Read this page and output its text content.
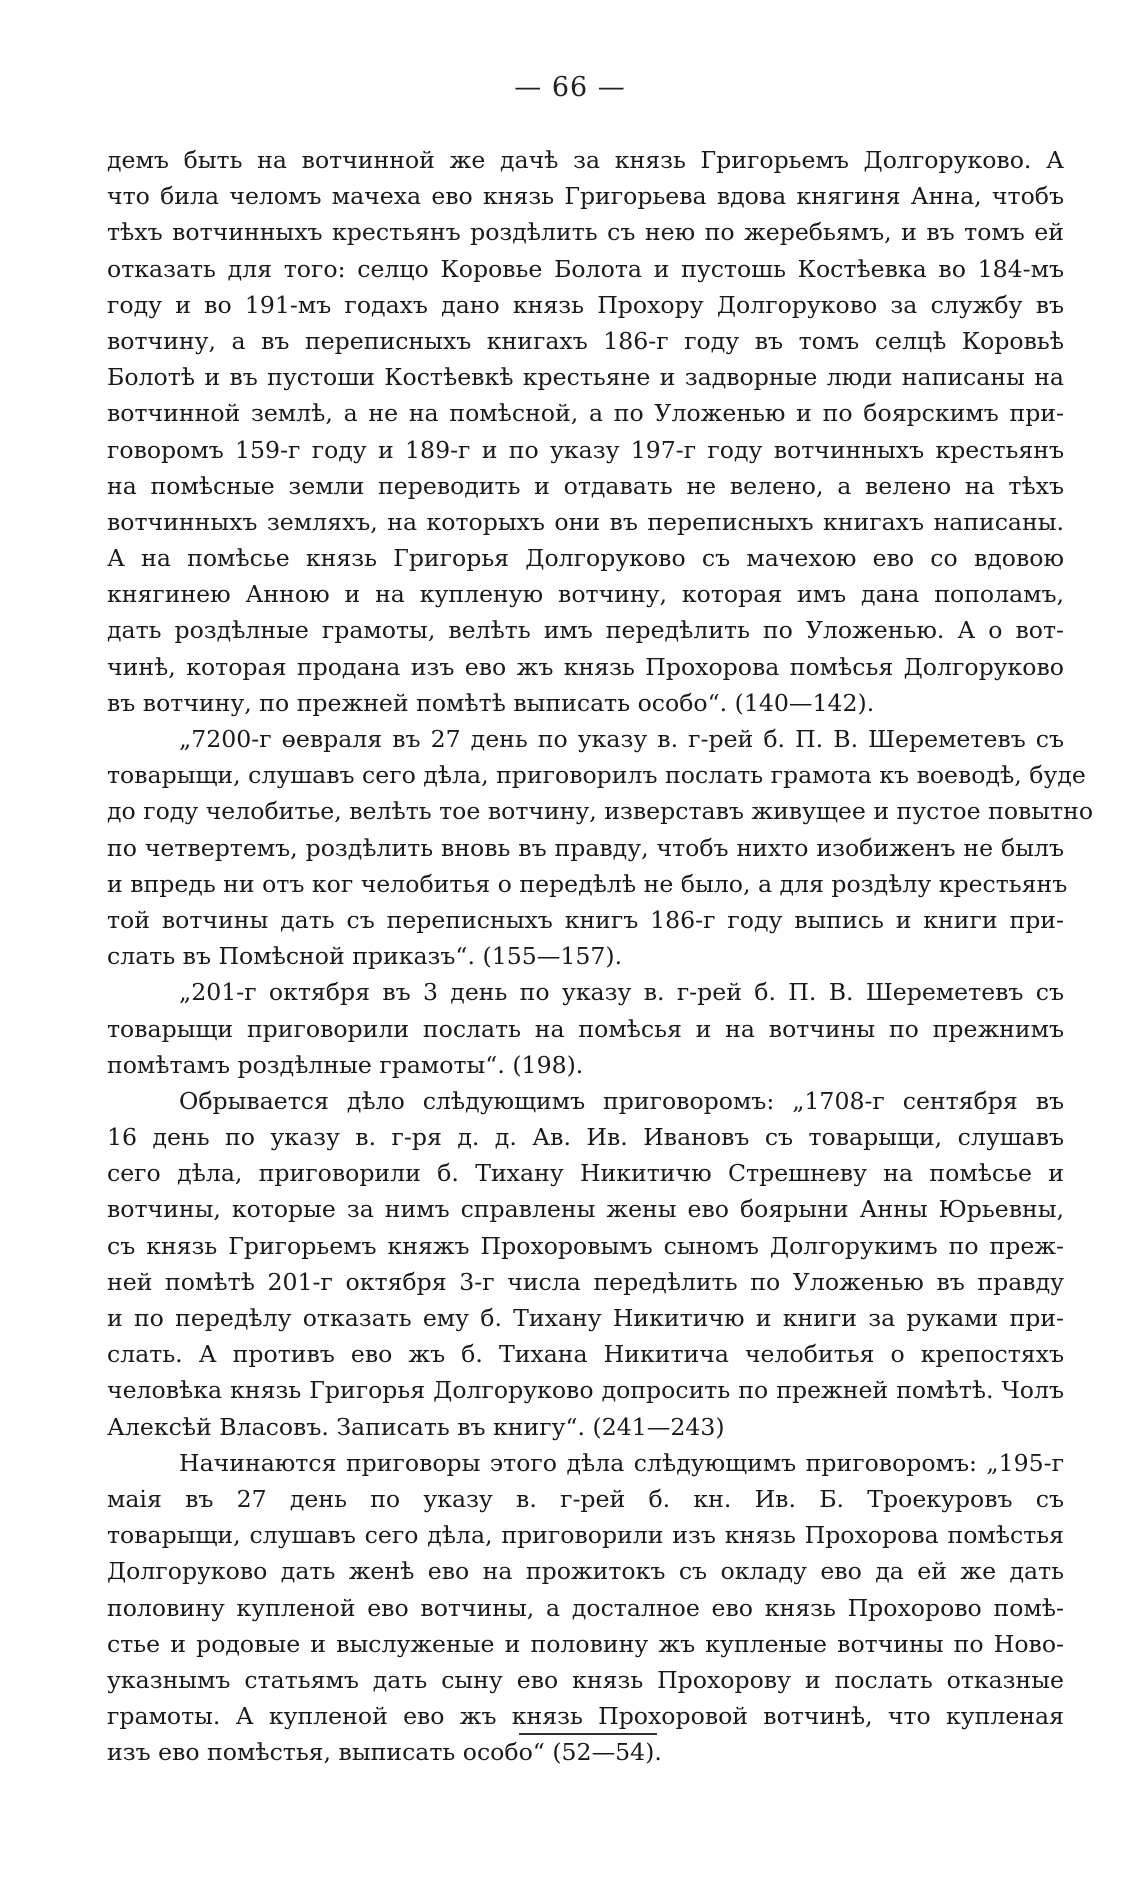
— 66 —
демъ быть на вотчинной же дачѣ за князь Григорьемъ Долгоруково. А
что била челомъ мачеха ево князь Григорьева вдова княгиня Анна, чтобъ
тѣхъ вотчинныхъ крестьянъ роздѣлить съ нею по жеребьямъ, и въ томъ ей
отказать для того: селцо Коровье Болота и пустошь Костѣевка во 184-мъ
году и во 191-мъ годахъ дано князь Прохору Долгоруково за службу въ
вотчину, а въ переписныхъ книгахъ 186-г году въ томъ селцѣ Коровьѣ
Болотѣ и въ пустоши Костѣевкѣ крестьяне и задворные люди написаны на
вотчинной землѣ, а не на помѣсной, а по Уложенью и по боярскимъ при-
говоромъ 159-г году и 189-г и по указу 197-г году вотчинныхъ крестьянъ
на помѣсные земли переводить и отдавать не велено, а велено на тѣхъ
вотчинныхъ земляхъ, на которыхъ они въ переписныхъ книгахъ написаны.
А на помѣсье князь Григорья Долгоруково съ мачехою ево со вдовою
княгинею Анною и на купленую вотчину, которая имъ дана пополамъ,
дать роздѣлные грамоты, велѣть имъ передѣлить по Уложенью. А о вот-
чинѣ, которая продана изъ ево жъ князь Прохорова помѣсья Долгоруково
въ вотчину, по прежней помѣтѣ выписать особо“. (140—142).
„7200-г өевраля въ 27 день по указу в. г-рей б. П. В. Шереметевъ съ
товарыщи, слушавъ сего дѣла, приговорилъ послать грамота къ воеводѣ, буде
до году челобитье, велѣть тое вотчину, изверставъ живущее и пустое повытно
по четвертемъ, роздѣлить вновь въ правду, чтобъ нихто изобиженъ не былъ
и впредь ни отъ ког челобитья о передѣлѣ не было, а для роздѣлу крестьянъ
той вотчины дать съ переписныхъ книгъ 186-г году выпись и книги при-
слать въ Помѣсной приказъ“. (155—157).
„201-г октября въ 3 день по указу в. г-рей б. П. В. Шереметевъ съ
товарыщи приговорили послать на помѣсья и на вотчины по прежнимъ
помѣтамъ роздѣлные грамоты“. (198).
Обрывается дѣло слѣдующимъ приговоромъ: „1708-г сентября въ
16 день по указу в. г-ря д. д. Ав. Ив. Ивановъ съ товарыщи, слушавъ
сего дѣла, приговорили б. Тихану Никитичю Стрешневу на помѣсье и
вотчины, которые за нимъ справлены жены ево боярыни Анны Юрьевны,
съ князь Григорьемъ княжъ Прохоровымъ сыномъ Долгорукимъ по преж-
ней помѣтѣ 201-г октября 3-г числа передѣлить по Уложенью въ правду
и по передѣлу отказать ему б. Тихану Никитичю и книги за руками при-
слать. А противъ ево жъ б. Тихана Никитича челобитья о крепостяхъ
человѣка князь Григорья Долгоруково допросить по прежней помѣтѣ. Чолъ
Алексѣй Власовъ. Записать въ книгу“. (241—243)
Начинаются приговоры этого дѣла слѣдующимъ приговоромъ: „195-г
маія въ 27 день по указу в. г-рей б. кн. Ив. Б. Троекуровъ съ
товарыщи, слушавъ сего дѣла, приговорили изъ князь Прохорова помѣстья
Долгоруково дать женѣ ево на прожитокъ съ окладу ево да ей же дать
половину купленой ево вотчины, а досталное ево князь Прохорово помѣ-
стье и родовые и выслуженые и половину жъ купленые вотчины по Ново-
указнымъ статьямъ дать сыну ево князь Прохорову и послать отказные
грамоты. А купленой ево жъ князь Прохоровой вотчинѣ, что купленая
изъ ево помѣстья, выписать особо“ (52—54).
